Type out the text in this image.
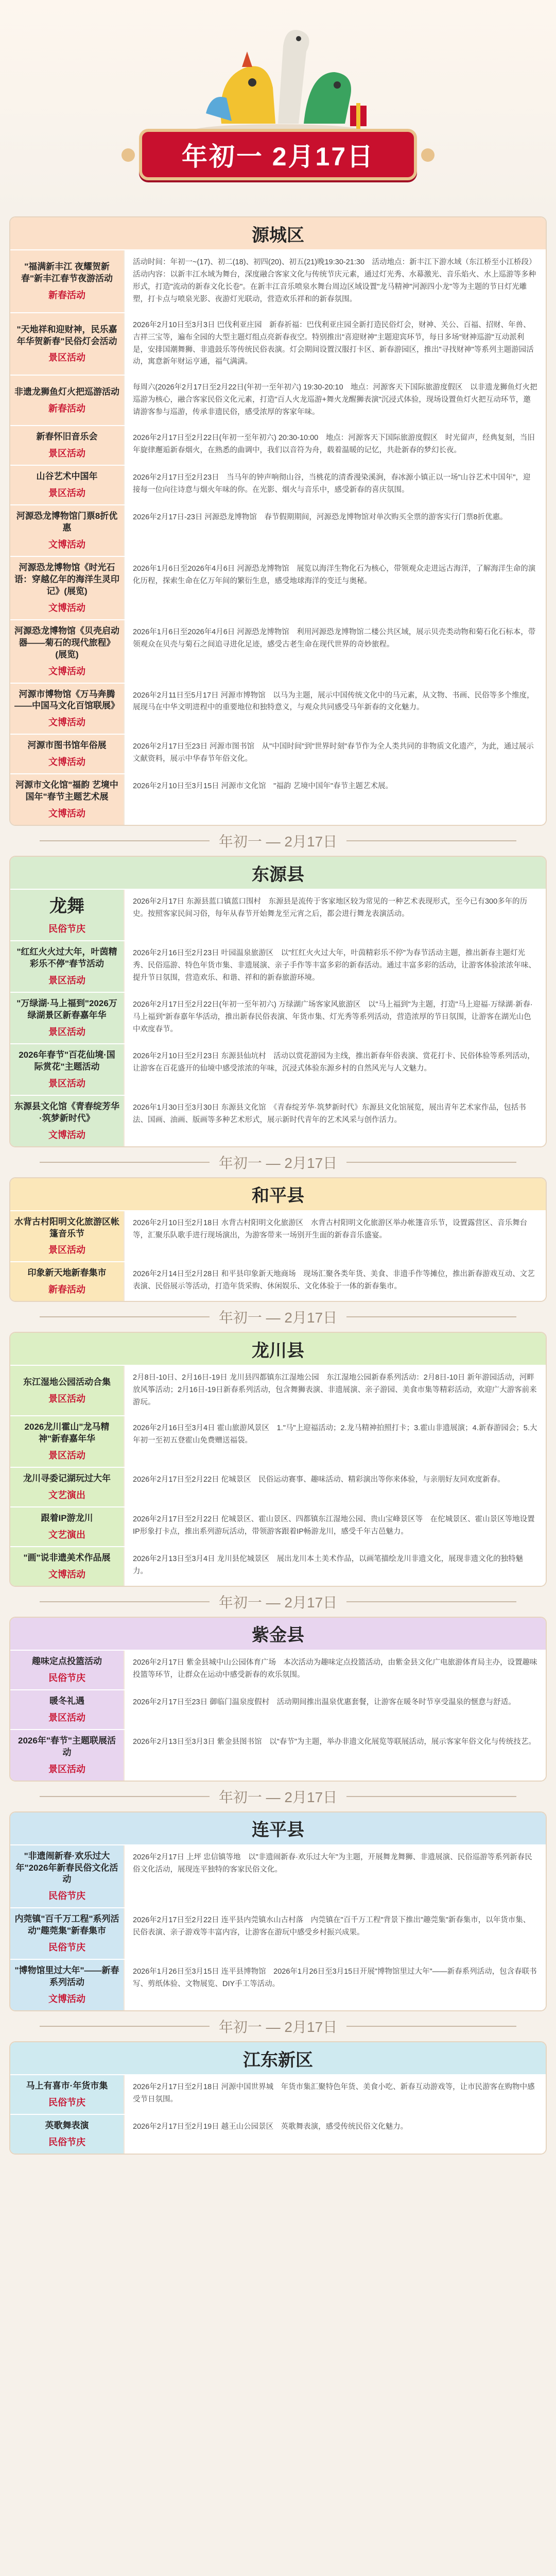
年初一 2月17日
源城区
"福满新丰江 夜耀贺新春"新丰江春节夜游活动
新春活动
活动时间：年初一~(17)、初二(18)、初四(20)、初五(21)晚19:30-21:30　活动地点：新丰江下游水域（东江桥至小江桥段）　活动内容：以新丰江水域为舞台，深度融合客家文化与传统节庆元素，通过灯光秀、水幕激光、音乐焰火、水上巡游等多种形式，打造"流动的新春文化长卷"。在新丰江音乐喷泉水舞台周边区域设置"龙马精神"河源四小龙"等为主题的节日灯光雕塑，打卡点与喷泉光影、夜游灯光联动，营造欢乐祥和的新春氛围。
"天地祥和迎财神，民乐嘉年华贺新春"民俗灯会活动
景区活动
2026年2月10日至3月3日 巴伐利亚庄园　新春祈福：巴伐利亚庄园全新打造民俗灯会，财神、关公、百福、招财、年兽、吉祥三宝等，遍布全园的大型主题灯组点亮新春夜空。特别推出"喜迎财神"主题迎宾环节，每日多场"财神巡游"互动派利是，安排国潮舞狮、非遗鼓乐等传统民俗表演。灯会期间设置汉服打卡区、新春游园区，推出"寻找财神"等系列主题游园活动，寓意新年财运亨通，福气满满。
非遗龙狮鱼灯火把巡游活动
新春活动
每周六(2026年2月17日至2月22日(年初一至年初六) 19:30-20:10　地点：河源客天下国际旅游度假区　以非遗龙狮鱼灯火把巡游为核心，融合客家民俗文化元素，打造"百人火龙巡游+舞火龙醒狮表演"沉浸式体验，现场设置鱼灯火把互动环节，邀请游客参与巡游，传承非遗民俗，感受浓厚的客家年味。
新春怀旧音乐会
景区活动
2026年2月17日至2月22日(年初一至年初六) 20:30-10:00　地点：河源客天下国际旅游度假区　时光留声，经典复刻，当旧年旋律邂逅新春烟火，在熟悉的曲调中，我们以音符为舟，载着温暖的记忆，共赴新春的梦幻长夜。
山谷艺术中国年
景区活动
2026年2月17日至2月23日　当马年的钟声响彻山谷，当桃花的清香漫染溪涧，春冰源小镇正以一场"山谷艺术中国年"，迎接每一位向往诗意与烟火年味的你。在光影、烟火与音乐中，感受新春的喜庆氛围。
河源恐龙博物馆门票8折优惠
文博活动
2026年2月17日-23日 河源恐龙博物馆　春节假期期间，河源恐龙博物馆对单次购买全票的游客实行门票8折优惠。
河源恐龙博物馆《时光石语：穿越亿年的海洋生灵印记》(展览)
文博活动
2026年1月6日至2026年4月6日 河源恐龙博物馆　展览以海洋生物化石为核心，带领观众走进远古海洋，了解海洋生命的演化历程，探索生命在亿万年间的繁衍生息，感受地球海洋的变迁与奥秘。
河源恐龙博物馆《贝壳启动器——菊石的现代旅程》(展览)
文博活动
2026年1月6日至2026年4月6日 河源恐龙博物馆　利用河源恐龙博物馆二楼公共区域，展示贝壳类动物和菊石化石标本，带领观众在贝壳与菊石之间追寻进化足迹，感受古老生命在现代世界的奇妙旅程。
河源市博物馆《万马奔腾——中国马文化百馆联展》
文博活动
2026年2月11日至5月17日 河源市博物馆　以马为主题，展示中国传统文化中的马元素，从文物、书画、民俗等多个维度，展现马在中华文明进程中的重要地位和独特意义，与观众共同感受马年新春的文化魅力。
河源市图书馆年俗展
文博活动
2026年2月17日至23日 河源市图书馆　从"中国时间"到"世界时刻"春节作为全人类共同的非物质文化遗产，为此，通过展示文献资料，展示中华春节年俗文化。
河源市文化馆"福韵 艺境中国年"春节主题艺术展
文博活动
2026年2月10日至3月15日 河源市文化馆　"福韵 艺境中国年"春节主题艺术展。
年初一 — 2月17日
东源县
龙舞
民俗节庆
2026年2月17日 东源县蓝口镇蓝口围村　东源县是流传于客家地区较为常见的一种艺术表现形式，至今已有300多年的历史。按照客家民间习俗，每年从春节开始舞龙至元宵之后，都会进行舞龙表演活动。
"红红火火过大年，叶茵精彩乐不停"春节活动
景区活动
2026年2月16日至2月23日 叶园温泉旅游区　以"红红火火过大年，叶茵精彩乐不停"为春节活动主题，推出新春主题灯光秀、民俗巡游、特色年货市集、非遗展演、亲子手作等丰富多彩的新春活动。通过丰富多彩的活动，让游客体验浓浓年味、提升节日氛围，营造欢乐、和谐、祥和的新春旅游环境。
"万绿湖·马上福到"2026万绿湖景区新春嘉年华
景区活动
2026年2月17日至2月22日(年初一至年初六) 万绿湖广场客家风旅游区　以"马上福到"为主题，打造"马上迎福·万绿湖·新春·马上福到"新春嘉年华活动，推出新春民俗表演、年货市集、灯光秀等系列活动，营造浓厚的节日氛围，让游客在湖光山色中欢度春节。
2026年春节"百花仙境·国际赏花"主题活动
景区活动
2026年2月10日至2月23日 东源县仙坑村　活动以赏花游园为主线，推出新春年俗表演、赏花打卡、民俗体验等系列活动，让游客在百花盛开的仙境中感受浓浓的年味，沉浸式体验东源乡村的自然风光与人文魅力。
东源县文化馆《青春绽芳华·筑梦新时代》
文博活动
2026年1月30日至3月30日 东源县文化馆　《青春绽芳华·筑梦新时代》东源县文化馆展览，展出青年艺术家作品，包括书法、国画、油画、版画等多种艺术形式，展示新时代青年的艺术风采与创作活力。
年初一 — 2月17日
和平县
水背古村阳明文化旅游区帐篷音乐节
景区活动
2026年2月10日至2月18日 水背古村阳明文化旅游区　水背古村阳明文化旅游区举办帐篷音乐节，设置露营区、音乐舞台等，汇聚乐队歌手进行现场演出，为游客带来一场别开生面的新春音乐盛宴。
印象新天地新春集市
新春活动
2026年2月14日至2月28日 和平县印象新天地商场　现场汇聚各类年货、美食、非遗手作等摊位，推出新春游戏互动、文艺表演、民俗展示等活动，打造年货采购、休闲娱乐、文化体验于一体的新春集市。
年初一 — 2月17日
龙川县
东江湿地公园活动合集
景区活动
2月8日-10日、2月16日-19日 龙川县四都镇东江湿地公园　东江湿地公园新春系列活动：2月8日-10日 新年游园活动，河畔放风筝活动；2月16日-19日新春系列活动，包含舞狮表演、非遗展演、亲子游园、美食市集等精彩活动，欢迎广大游客前来游玩。
2026龙川霍山"龙马精神"新春嘉年华
景区活动
2026年2月16日至3月4日 霍山旅游风景区　1."马"上迎福活动；2.龙马精神拍照打卡；3.霍山非遗展演；4.新春游园会；5.大年初一至初五登霍山免费赠送福袋。
龙川寻委记湖玩过大年
文艺演出
2026年2月17日至2月22日 佗城景区　民俗运动赛事、趣味活动、精彩演出等你来体验，与亲朋好友同欢度新春。
跟着IP游龙川
文艺演出
2026年2月17日至2月22日 佗城景区、霍山景区、四都镇东江湿地公园、贵山宝峰景区等　在佗城景区、霍山景区等地设置IP形象打卡点，推出系列游玩活动，带领游客跟着IP畅游龙川，感受千年古邑魅力。
"画"说非遗美术作品展
文博活动
2026年2月13日至3月4日 龙川县佗城景区　展出龙川本土美术作品，以画笔描绘龙川非遗文化，展现非遗文化的独特魅力。
年初一 — 2月17日
紫金县
趣味定点投篮活动
民俗节庆
2026年2月17日 紫金县城中山公园体育广场　本次活动为趣味定点投篮活动，由紫金县文化广电旅游体育局主办，设置趣味投篮等环节，让群众在运动中感受新春的欢乐氛围。
暖冬礼遇
景区活动
2026年2月17日至23日 御临门温泉度假村　活动期间推出温泉优惠套餐，让游客在暖冬时节享受温泉的惬意与舒适。
2026年"春节"主题联展活动
景区活动
2026年2月13日至3月3日 紫金县图书馆　以"春节"为主题，举办非遗文化展览等联展活动，展示客家年俗文化与传统技艺。
年初一 — 2月17日
连平县
"非遗闹新春·欢乐过大年"2026年新春民俗文化活动
民俗节庆
2026年2月17日 上坪 忠信镇等地　以"非遗闹新春·欢乐过大年"为主题，开展舞龙舞狮、非遗展演、民俗巡游等系列新春民俗文化活动，展现连平独特的客家民俗文化。
内莞镇"百千万工程"系列活动"趣莞集"新春集市
民俗节庆
2026年2月17日至2月22日 连平县内莞镇水山古村落　内莞镇在"百千万工程"背景下推出"趣莞集"新春集市，以年货市集、民俗表演、亲子游戏等丰富内容，让游客在游玩中感受乡村振兴成果。
"博物馆里过大年"——新春系列活动
文博活动
2026年1月26日至3月15日 连平县博物馆　2026年1月26日至3月15日开展"博物馆里过大年"——新春系列活动，包含春联书写、剪纸体验、文物展览、DIY手工等活动。
年初一 — 2月17日
江东新区
马上有喜市·年货市集
民俗节庆
2026年2月17日至2月18日 河源中国世界城　年货市集汇聚特色年货、美食小吃、新春互动游戏等，让市民游客在购物中感受节日氛围。
英歌舞表演
民俗节庆
2026年2月17日至2月19日 越王山公园景区　英歌舞表演，感受传统民俗文化魅力。
